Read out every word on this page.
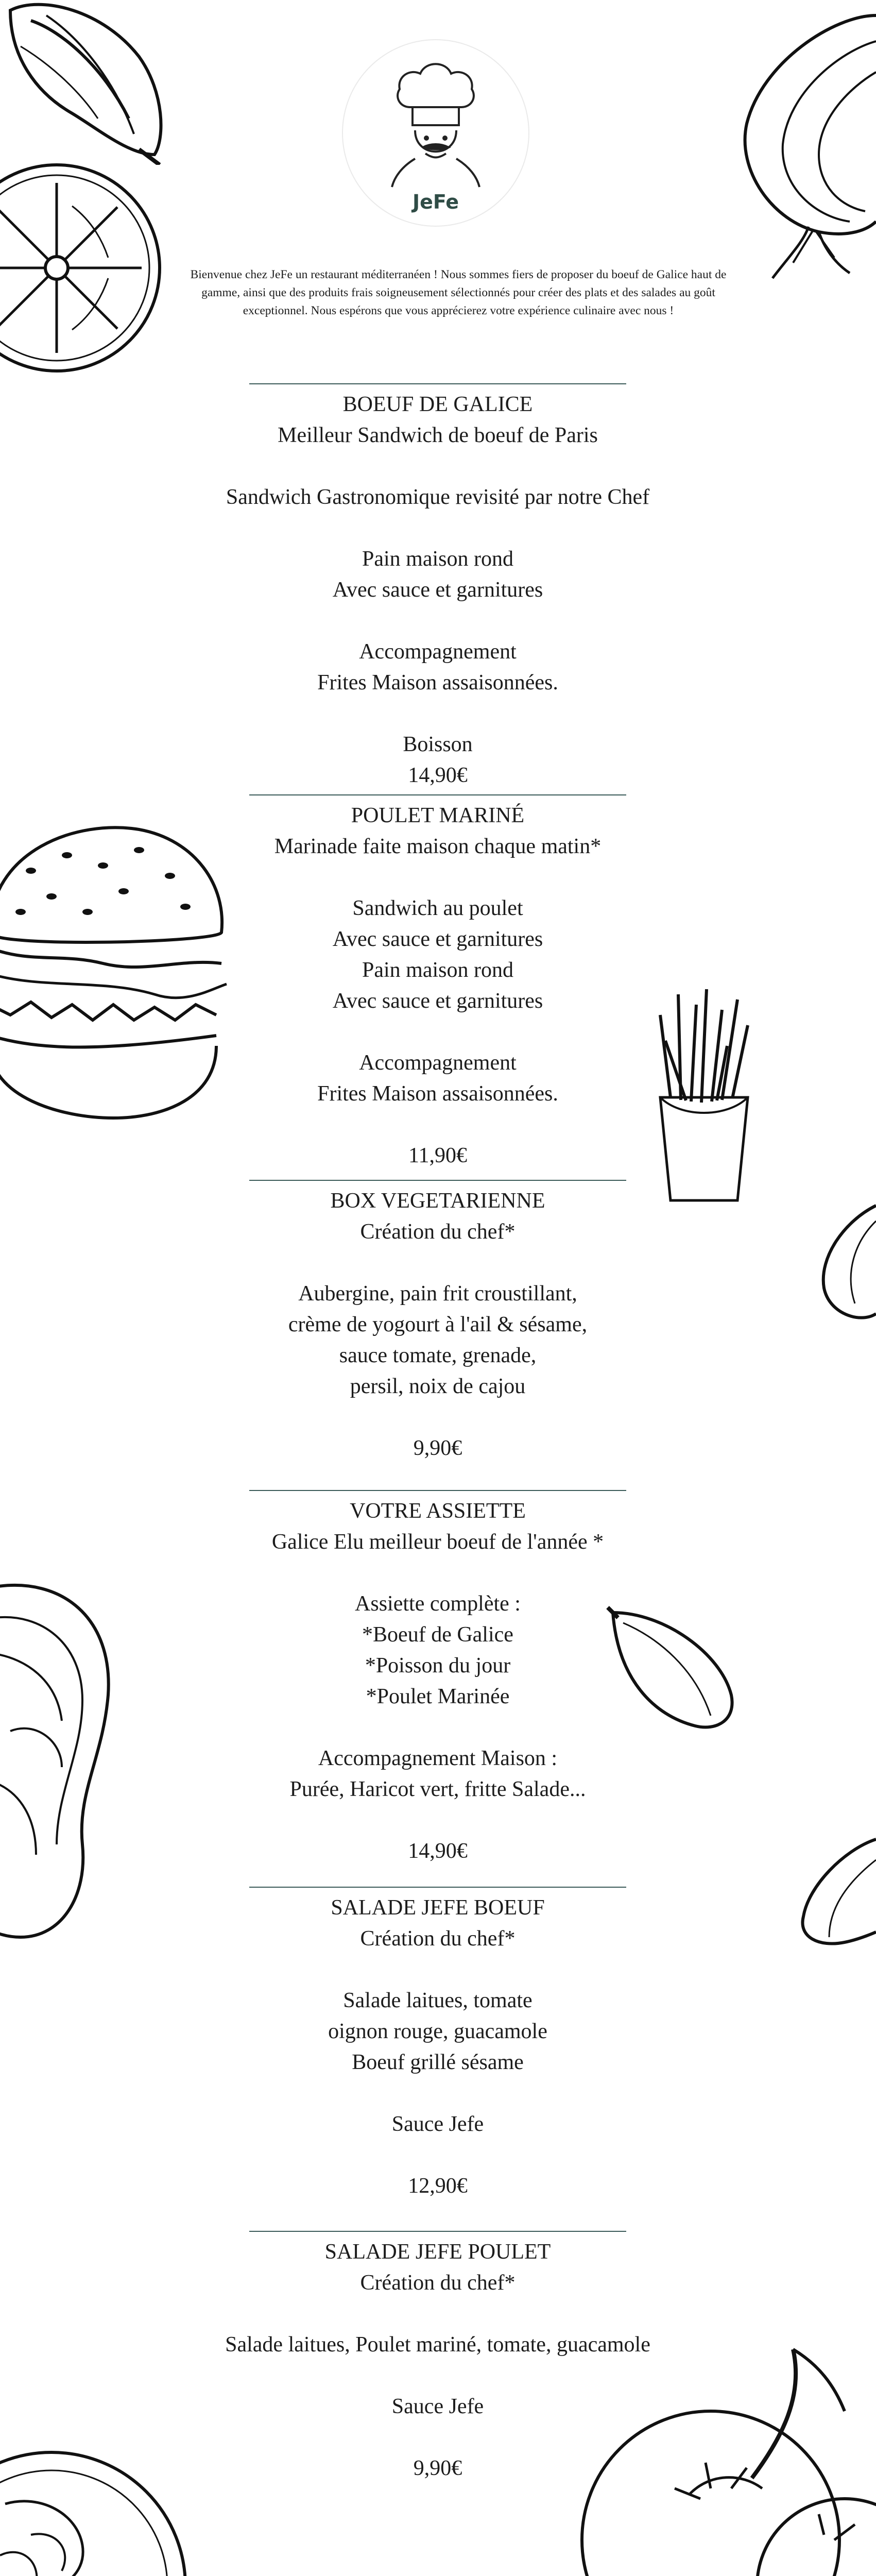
JeFe
Bienvenue chez JeFe un restaurant méditerranéen ! Nous sommes fiers de proposer du boeuf de Galice haut de gamme, ainsi que des produits frais soigneusement sélectionnés pour créer des plats et des salades au goût exceptionnel. Nous espérons que vous apprécierez votre expérience culinaire avec nous !
BOEUF DE GALICE
Meilleur Sandwich de boeuf de Paris
Sandwich Gastronomique revisité par notre Chef
Pain maison rond
Avec sauce et garnitures
Accompagnement
Frites Maison assaisonnées.
Boisson
14,90€
POULET MARINÉ
Marinade faite maison chaque matin*
Sandwich au poulet
Avec sauce et garnitures
Pain maison rond
Avec sauce et garnitures
Accompagnement
Frites Maison assaisonnées.
11,90€
BOX VEGETARIENNE
Création du chef*
Aubergine, pain frit croustillant,
crème de yogourt à l'ail & sésame,
sauce tomate, grenade,
persil, noix de cajou
9,90€
VOTRE ASSIETTE
Galice Elu meilleur boeuf de l'année *
Assiette complète :
*Boeuf de Galice
*Poisson du jour
*Poulet Marinée
Accompagnement Maison :
Purée, Haricot vert, fritte Salade...
14,90€
SALADE JEFE BOEUF
Création du chef*
Salade laitues, tomate
oignon rouge, guacamole
Boeuf grillé sésame
Sauce Jefe
12,90€
SALADE JEFE POULET
Création du chef*
Salade laitues, Poulet mariné, tomate, guacamole
Sauce Jefe
9,90€
